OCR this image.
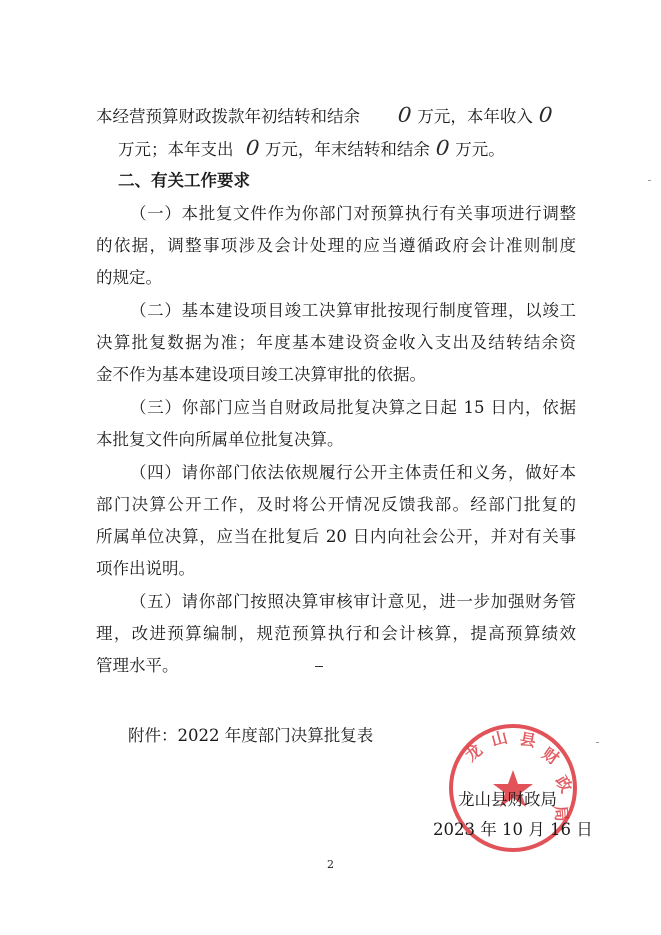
本经营预算财政拨款年初结转和结余 0 万元，本年收入 0
万元；本年支出 0 万元，年末结转和结余 0 万元。
二、有关工作要求
（一）本批复文件作为你部门对预算执行有关事项进行调整
的依据，调整事项涉及会计处理的应当遵循政府会计准则制度
的规定。
（二）基本建设项目竣工决算审批按现行制度管理，以竣工
决算批复数据为准；年度基本建设资金收入支出及结转结余资
金不作为基本建设项目竣工决算审批的依据。
（三）你部门应当自财政局批复决算之日起 15 日内，依据
本批复文件向所属单位批复决算。
（四）请你部门依法依规履行公开主体责任和义务，做好本
部门决算公开工作，及时将公开情况反馈我部。经部门批复的
所属单位决算，应当在批复后 20 日内向社会公开，并对有关事
项作出说明。
（五）请你部门按照决算审核审计意见，进一步加强财务管
理，改进预算编制，规范预算执行和会计核算，提高预算绩效
管理水平。
附件：2022 年度部门决算批复表
龙
山 县
财
政
局
龙山县财政局
2023 年 10 月 16 日
2
